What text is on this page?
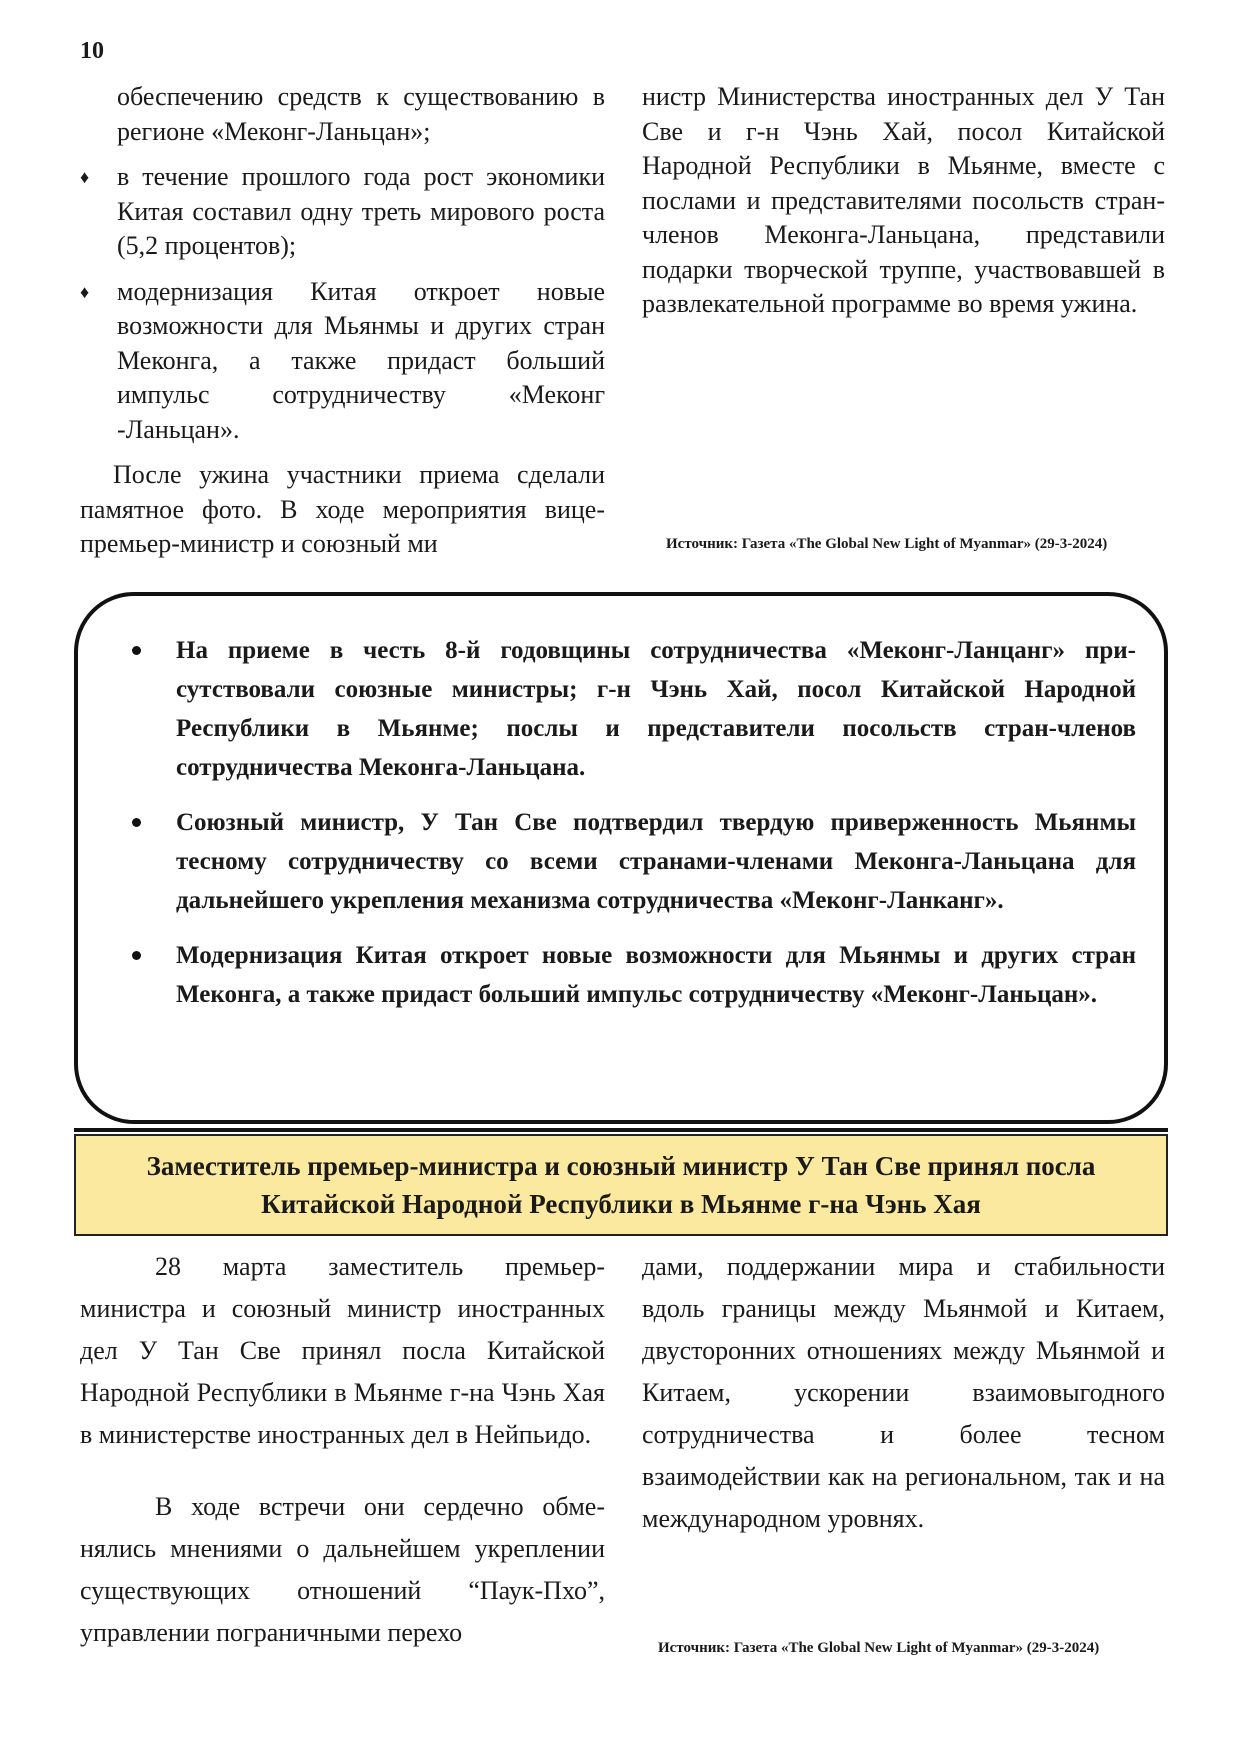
10

обеспечению средств к существованию в регионе «Меконг-Ланьцан»;

♦ в течение прошлого года рост экономики Китая составил одну треть мирового роста (5,2 процентов);
♦ модернизация Китая откроет новые возможности для Мьянмы и других стран Меконга, а также придаст больший импульс сотрудничеству «Меконг -Ланьцан».

После ужина участники приема сделали памятное фото. В ходе мероприятия вице-премьер-министр и союзный ми

нистр Министерства иностранных дел У Тан Све и г-н Чэнь Хай, посол Китайской Народной Республики в Мьянме, вместе с послами и представителями посольств стран-членов Меконга-Ланьцана, представили подарки творческой труппе, участвовавшей в развлекательной программе во время ужина.

Источник: Газета «The Global New Light of Myanmar» (29-3-2024)
На приеме в честь 8-й годовщины сотрудничества «Меконг-Ланцанг» присутствовали союзные министры; г-н Чэнь Хай, посол Китайской Народной Республики в Мьянме; послы и представители посольств стран-членов сотрудничества Меконга-Ланьцана.
Союзный министр, У Тан Све подтвердил твердую приверженность Мьянмы тесному сотрудничеству со всеми странами-членами Меконга-Ланьцана для дальнейшего укрепления механизма сотрудничества «Меконг-Ланканг».
Модернизация Китая откроет новые возможности для Мьянмы и других стран Меконга, а также придаст больший импульс сотрудничеству «Меконг-Ланьцан».
Заместитель премьер-министра и союзный министр У Тан Све принял посла Китайской Народной Республики в Мьянме г-на Чэнь Хая

28 марта заместитель премьер-министра и союзный министр иностранных дел У Тан Све принял посла Китайской Народной Республики в Мьянме г-на Чэнь Хая в министерстве иностранных дел в Нейпьидо.

В ходе встречи они сердечно обменялись мнениями о дальнейшем укреплении существующих отношений “Паук-Пхо”, управлении пограничными перехо

дами, поддержании мира и стабильности вдоль границы между Мьянмой и Китаем, двусторонних отношениях между Мьянмой и Китаем, ускорении взаимовыгодного сотрудничества и более тесном взаимодействии как на региональном, так и на международном уровнях.

Источник: Газета «The Global New Light of Myanmar» (29-3-2024)
